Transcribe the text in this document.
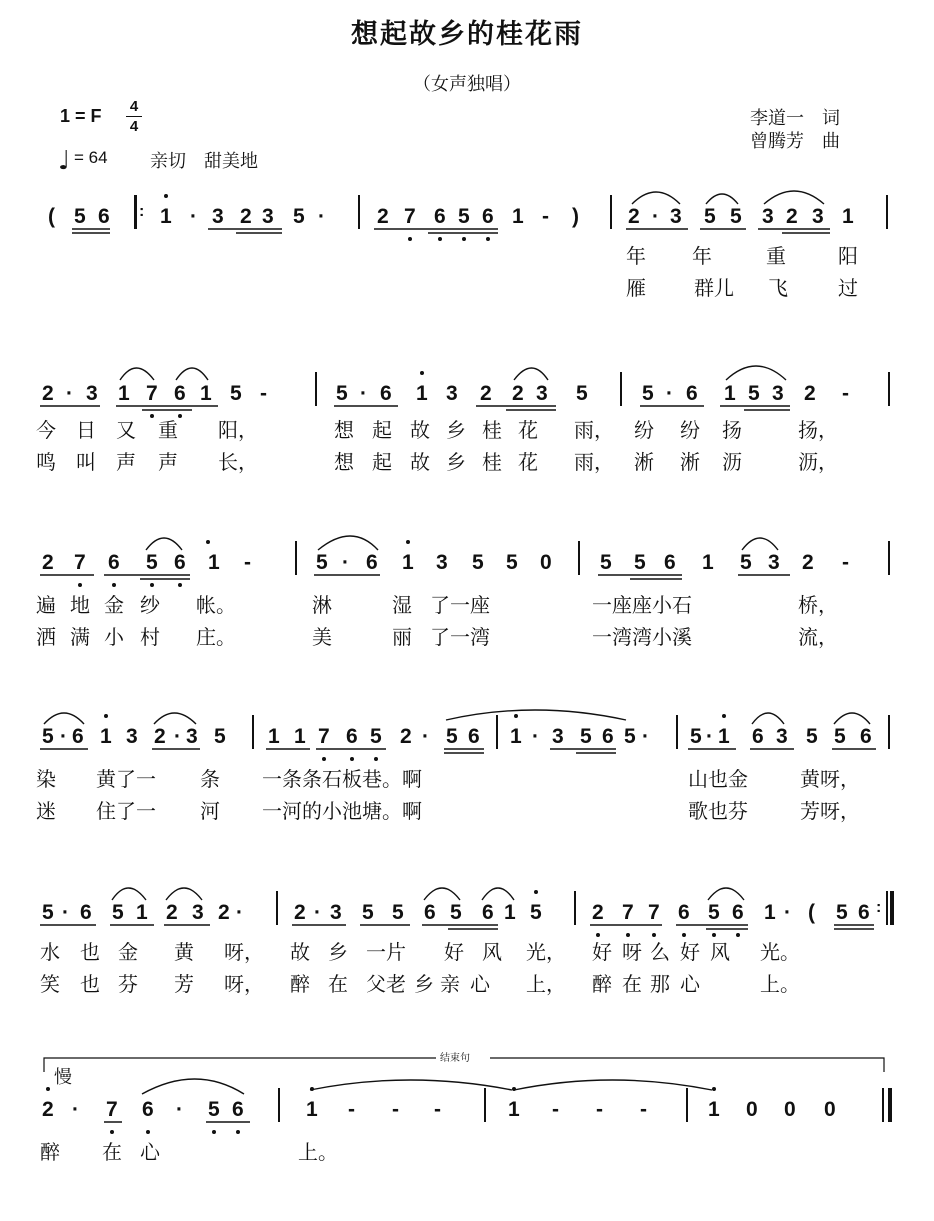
想起故乡的桂花雨
（女声独唱）
1 = F 4
4
♩ = 64 亲切　甜美地
李道一　词
曾腾芳　曲
( 5 6 : 1 · 3 2 3 5 · 2 7 6 5 6 1 - ) 2 · 3 5 5 3 2 3 1
年 年	重	阳
雁 群儿 飞	过
2 · 3 1 7 6 1 5 -	5 · 6 1 3 2 2 3 5	5 · 6 1 5 3 2 -
今 日 又 重 阳，	想 起 故 乡 桂 花 雨， 纷 纷 扬	扬，
鸣 叫 声 声 长，	想 起 故 乡 桂 花 雨， 淅 淅 沥	沥，
2 7 6 5 6 1 -	5 · 6 1 3 5 5 0 5 5 6 1 5 3 2 -
遍 地 金 纱 帐。	淋	湿 了一座	一座座小石	桥，
洒 满 小 村 庄。	美	丽 了一湾	一湾湾小溪	流，
5 · 6 1 3 2 · 3 5 1 1 7 6 5 2 · 5 6 1 · 3 5 6 5 · 5 · 1 6 3 5 5 6
染 黄了一 条 一条条石板巷。啊	山也金	黄呀，
迷 住了一 河 一河的小池塘。啊	歌也芬	芳呀，
5 · 6 5 1 2 3 2 · 2 · 3 5 5 6 5 6 1 5 2 7 7 6 5 6 1 · ( 5 6 :
水 也 金 黄 呀， 故 乡 一片 好 风 光， 好 呀 么 好 风 光。
笑 也 芬 芳 呀， 醉 在 父老 乡 亲 心 上， 醉 在 那 心	上。
结束句
慢
2 · 7 6 · 5 6	1 - - -	1 - - -	1 0 0 0
醉 在 心	上。
